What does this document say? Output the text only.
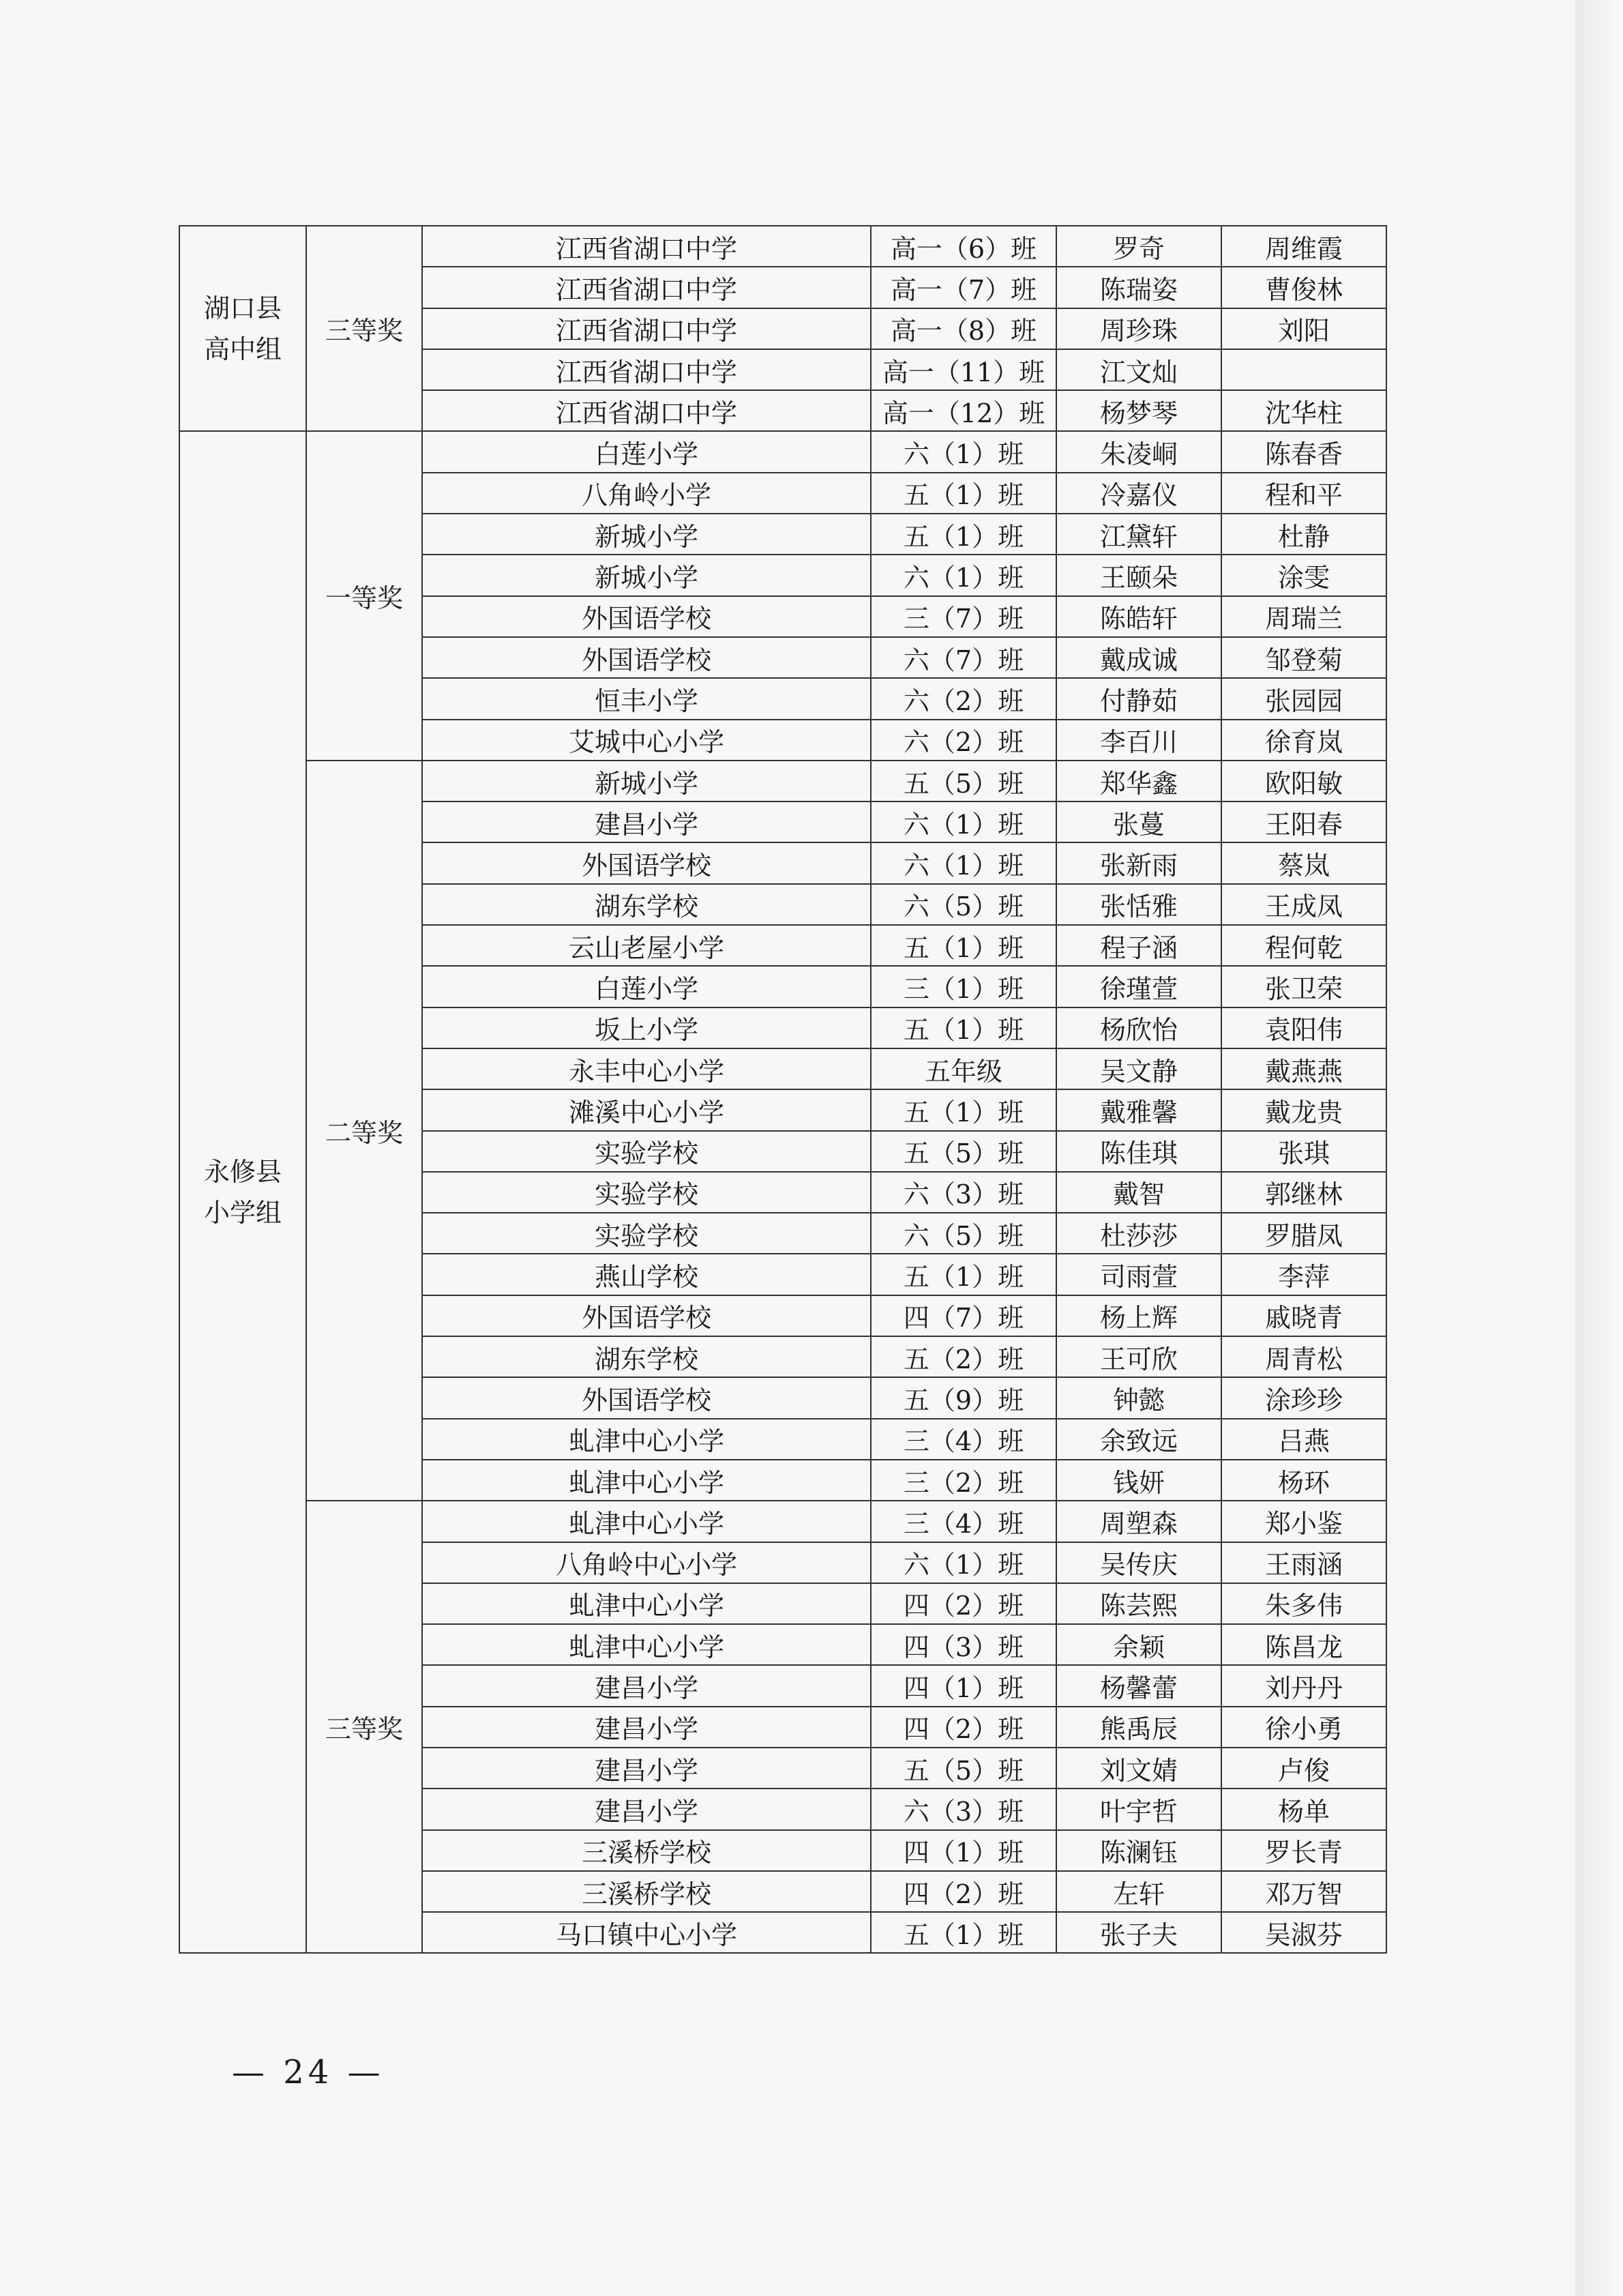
湖口县
高中组	三等奖	江西省湖口中学	高一（6）班	罗奇	周维霞
		江西省湖口中学	高一（7）班	陈瑞姿	曹俊林
		江西省湖口中学	高一（8）班	周珍珠	刘阳
		江西省湖口中学	高一（11）班	江文灿	
		江西省湖口中学	高一（12）班	杨梦琴	沈华柱

永修县
小学组	一等奖	白莲小学	六（1）班	朱凌峒	陈春香
		八角岭小学	五（1）班	冷嘉仪	程和平
		新城小学	五（1）班	江黛轩	杜静
		新城小学	六（1）班	王颐朵	涂雯
		外国语学校	三（7）班	陈皓轩	周瑞兰
		外国语学校	六（7）班	戴成诚	邹登菊
		恒丰小学	六（2）班	付静茹	张园园
		艾城中心小学	六（2）班	李百川	徐育岚
	二等奖	新城小学	五（5）班	郑华鑫	欧阳敏
		建昌小学	六（1）班	张蔓	王阳春
		外国语学校	六（1）班	张新雨	蔡岚
		湖东学校	六（5）班	张恬雅	王成凤
		云山老屋小学	五（1）班	程子涵	程何乾
		白莲小学	三（1）班	徐瑾萱	张卫荣
		坂上小学	五（1）班	杨欣怡	袁阳伟
		永丰中心小学	五年级	吴文静	戴燕燕
		滩溪中心小学	五（1）班	戴雅馨	戴龙贵
		实验学校	五（5）班	陈佳琪	张琪
		实验学校	六（3）班	戴智	郭继林
		实验学校	六（5）班	杜莎莎	罗腊凤
		燕山学校	五（1）班	司雨萱	李萍
		外国语学校	四（7）班	杨上辉	戚晓青
		湖东学校	五（2）班	王可欣	周青松
		外国语学校	五（9）班	钟懿	涂珍珍
		虬津中心小学	三（4）班	余致远	吕燕
		虬津中心小学	三（2）班	钱妍	杨环
	三等奖	虬津中心小学	三（4）班	周塑森	郑小鉴
		八角岭中心小学	六（1）班	吴传庆	王雨涵
		虬津中心小学	四（2）班	陈芸熙	朱多伟
		虬津中心小学	四（3）班	余颖	陈昌龙
		建昌小学	四（1）班	杨馨蕾	刘丹丹
		建昌小学	四（2）班	熊禹辰	徐小勇
		建昌小学	五（5）班	刘文婧	卢俊
		建昌小学	六（3）班	叶宇哲	杨单
		三溪桥学校	四（1）班	陈澜钰	罗长青
		三溪桥学校	四（2）班	左轩	邓万智
		马口镇中心小学	五（1）班	张子夫	吴淑芬
— 24 —
